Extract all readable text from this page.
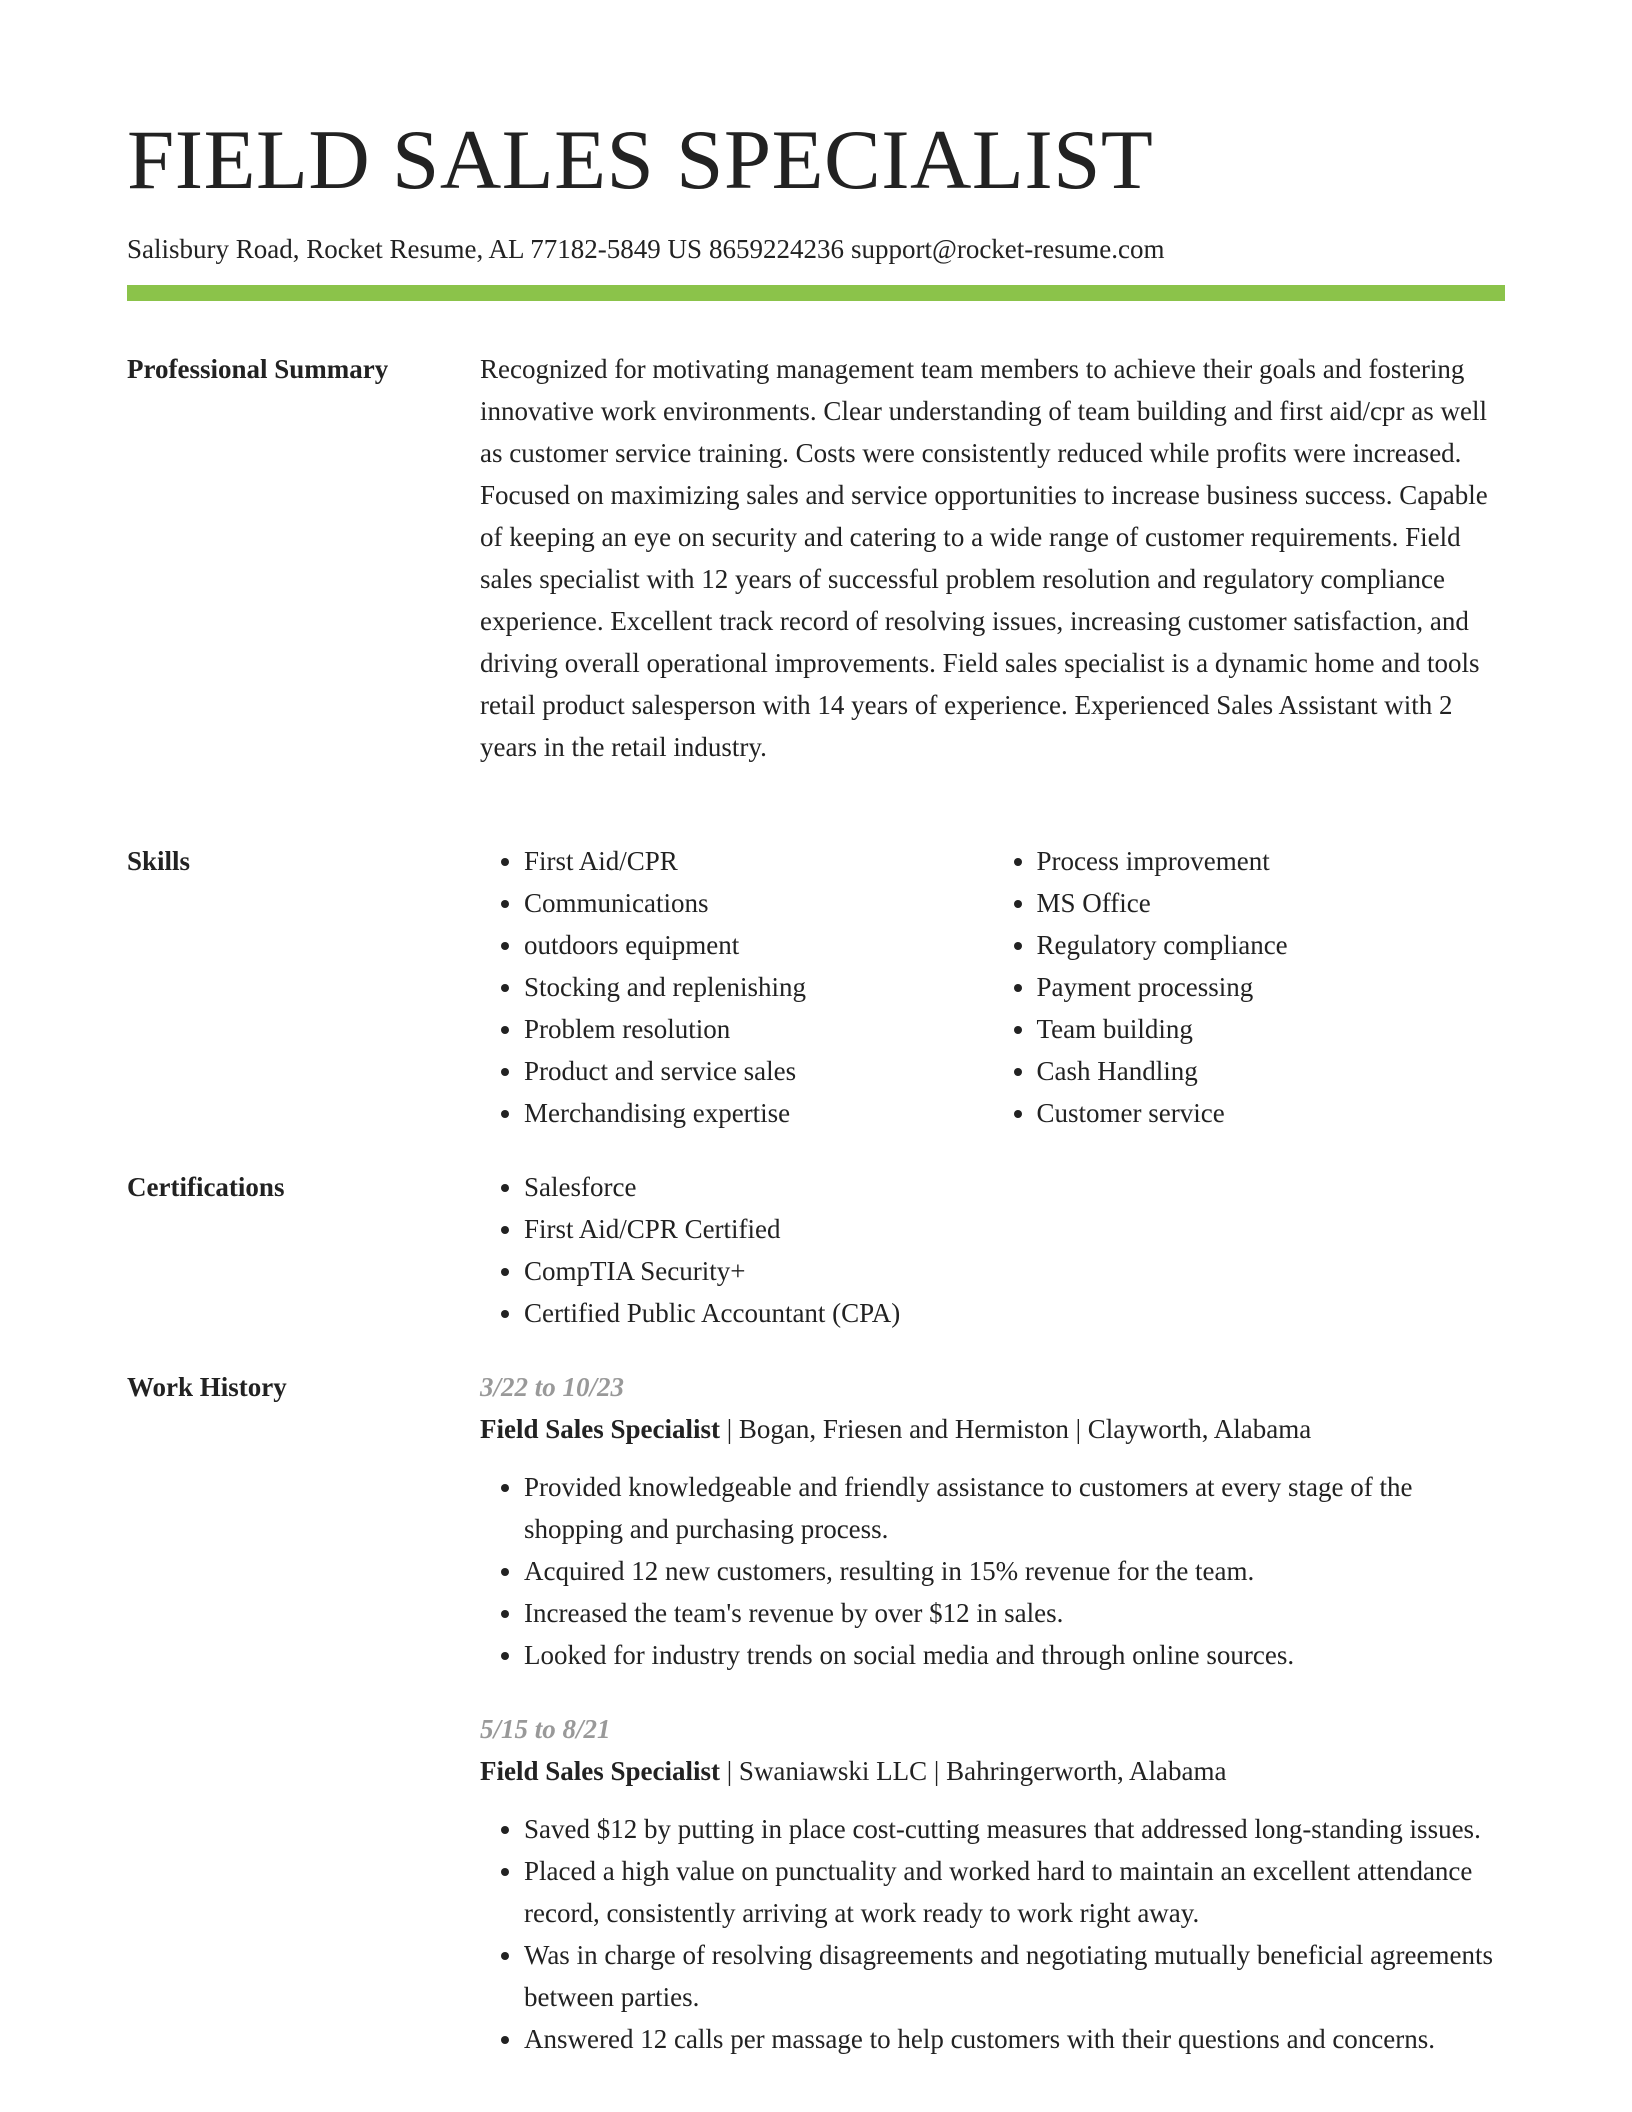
FIELD SALES SPECIALIST
Salisbury Road, Rocket Resume, AL 77182-5849 US 8659224236 support@rocket-resume.com
Professional Summary	Recognized for motivating management team members to achieve their goals and fostering innovative work environments. Clear understanding of team building and first aid/cpr as well as customer service training. Costs were consistently reduced while profits were increased. Focused on maximizing sales and service opportunities to increase business success. Capable of keeping an eye on security and catering to a wide range of customer requirements. Field sales specialist with 12 years of successful problem resolution and regulatory compliance experience. Excellent track record of resolving issues, increasing customer satisfaction, and driving overall operational improvements. Field sales specialist is a dynamic home and tools retail product salesperson with 14 years of experience. Experienced Sales Assistant with 2 years in the retail industry.

Skills	• First Aid/CPR
• Communications
• outdoors equipment
• Stocking and replenishing
• Problem resolution
• Product and service sales
• Merchandising expertise
• Process improvement
• MS Office
• Regulatory compliance
• Payment processing
• Team building
• Cash Handling
• Customer service
Certifications	• Salesforce
• First Aid/CPR Certified
• CompTIA Security+
• Certified Public Accountant (CPA)
Work History	3/22 to 10/23
Field Sales Specialist | Bogan, Friesen and Hermiston | Clayworth, Alabama
• Provided knowledgeable and friendly assistance to customers at every stage of the shopping and purchasing process.
• Acquired 12 new customers, resulting in 15% revenue for the team.
• Increased the team's revenue by over $12 in sales.
• Looked for industry trends on social media and through online sources.
5/15 to 8/21
Field Sales Specialist | Swaniawski LLC | Bahringerworth, Alabama
• Saved $12 by putting in place cost-cutting measures that addressed long-standing issues.
• Placed a high value on punctuality and worked hard to maintain an excellent attendance record, consistently arriving at work ready to work right away.
• Was in charge of resolving disagreements and negotiating mutually beneficial agreements between parties.
• Answered 12 calls per massage to help customers with their questions and concerns.
